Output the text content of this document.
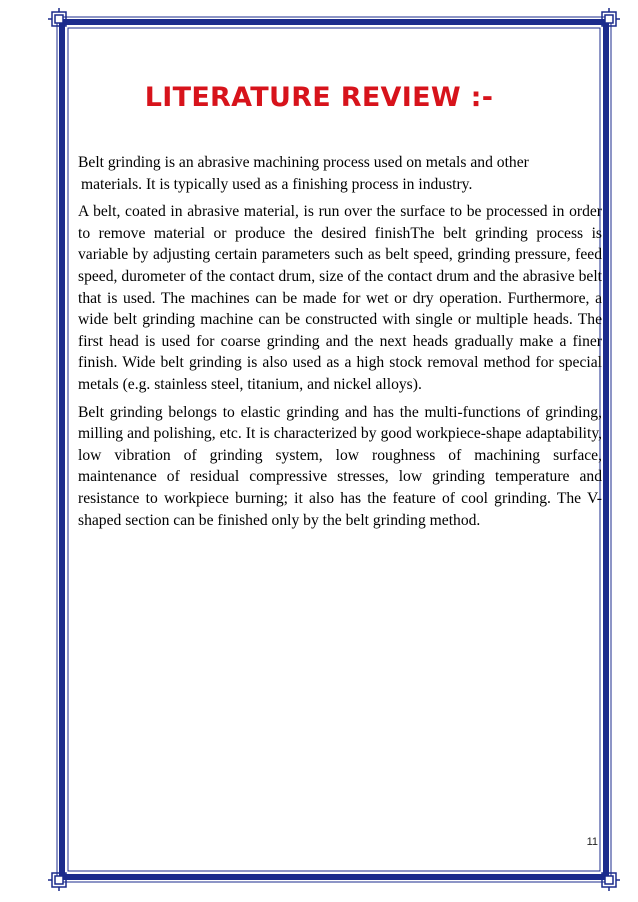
LITERATURE REVIEW :-

Belt grinding is an abrasive machining process used on metals and other
materials. It is typically used as a finishing process in industry.

A belt, coated in abrasive material, is run over the surface to be processed in order to remove material or produce the desired finishThe belt grinding process is variable by adjusting certain parameters such as belt speed, grinding pressure, feed speed, durometer of the contact drum, size of the contact drum and the abrasive belt that is used. The machines can be made for wet or dry operation. Furthermore, a wide belt grinding machine can be constructed with single or multiple heads. The first head is used for coarse grinding and the next heads gradually make a finer finish. Wide belt grinding is also used as a high stock removal method for special metals (e.g. stainless steel, titanium, and nickel alloys).

Belt grinding belongs to elastic grinding and has the multi-functions of grinding, milling and polishing, etc. It is characterized by good workpiece-shape adaptability, low vibration of grinding system, low roughness of machining surface, maintenance of residual compressive stresses, low grinding temperature and resistance to workpiece burning; it also has the feature of cool grinding. The V-shaped section can be finished only by the belt grinding method.

11
